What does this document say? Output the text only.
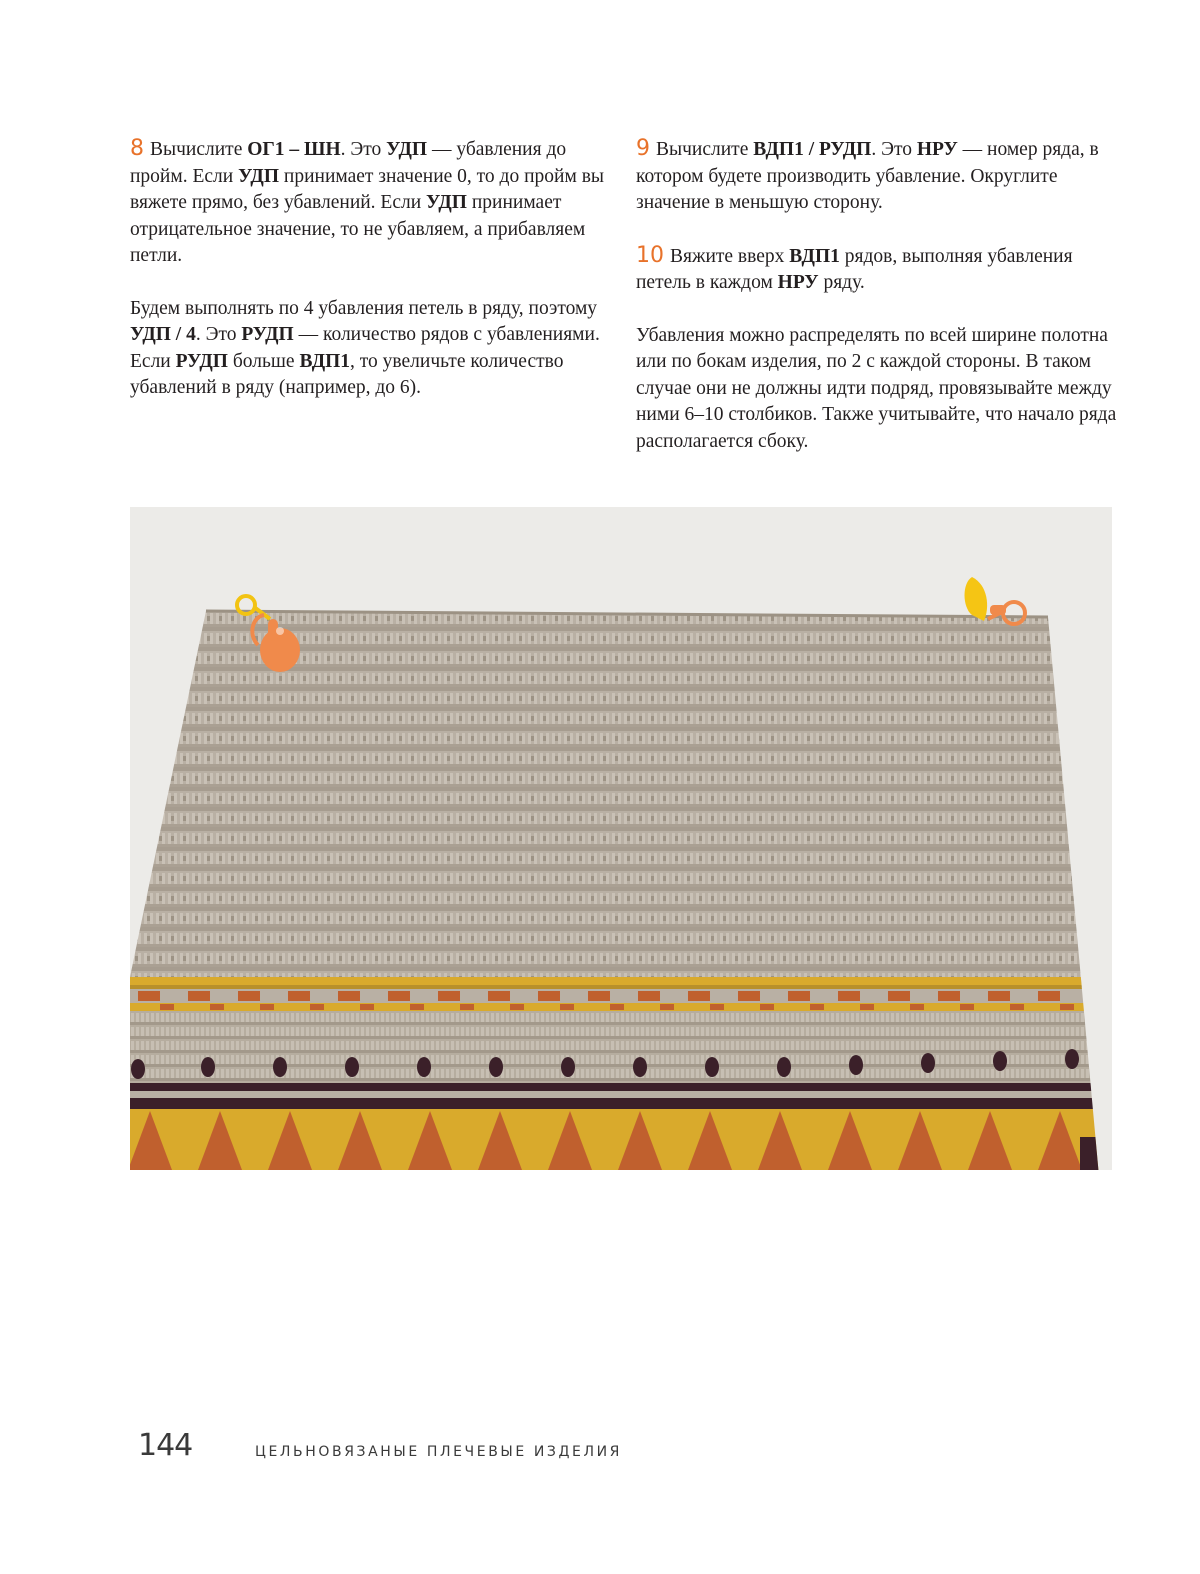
8 Вычислите ОГ1 – ШН. Это УДП — убавления до пройм. Если УДП принимает значение 0, то до пройм вы вяжете прямо, без убавлений. Если УДП принимает отрицательное значение, то не убавляем, а прибавляем петли.

Будем выполнять по 4 убавления петель в ряду, поэтому УДП / 4. Это РУДП — количество рядов с убавлениями. Если РУДП больше ВДП1, то увеличьте количество убавлений в ряду (например, до 6).

9 Вычислите ВДП1 / РУДП. Это НРУ — номер ряда, в котором будете производить убавление. Округлите значение в меньшую сторону.

10 Вяжите вверх ВДП1 рядов, выполняя убавления петель в каждом НРУ ряду.

Убавления можно распределять по всей ширине полотна или по бокам изделия, по 2 с каждой стороны. В таком случае они не должны идти подряд, провязывайте между ними 6–10 столбиков. Также учитывайте, что начало ряда располагается сбоку.

144	ЦЕЛЬНОВЯЗАНЫЕ ПЛЕЧЕВЫЕ ИЗДЕЛИЯ
